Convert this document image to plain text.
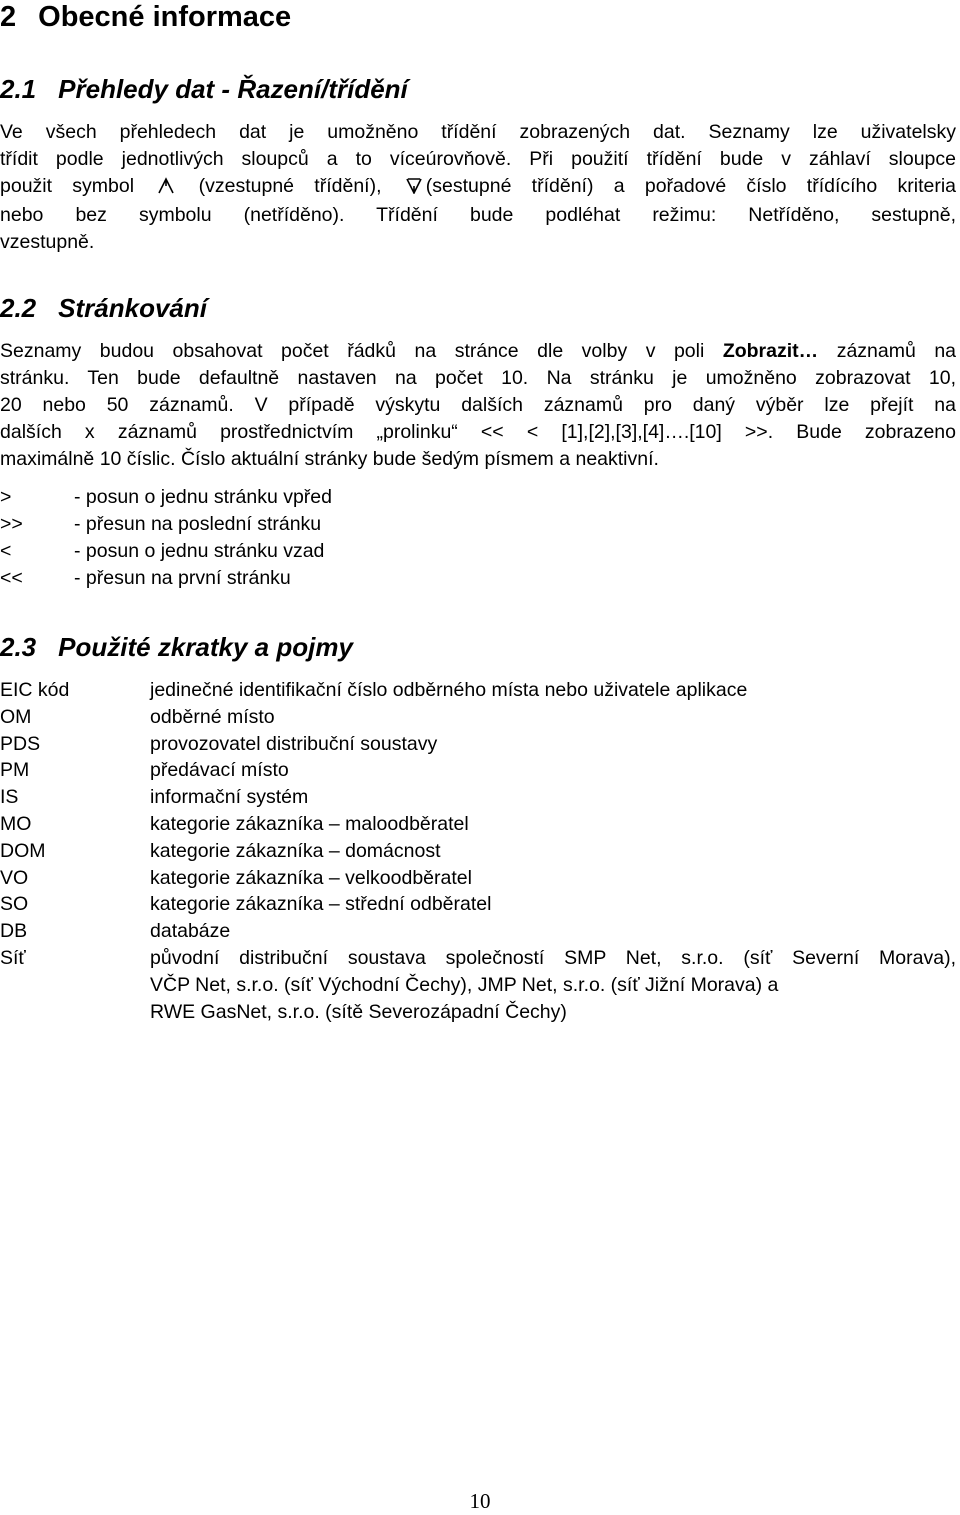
2 Obecné informace
2.1 Přehledy dat - Řazení/třídění
Ve všech přehledech dat je umožněno třídění zobrazených dat. Seznamy lze uživatelsky
třídit podle jednotlivých sloupců a to víceúrovňově. Při použití třídění bude v záhlaví sloupce
použit symbol	(vzestupné třídění), (sestupné třídění) a pořadové číslo třídícího kriteria
nebo bez symbolu (netříděno). Třídění bude podléhat režimu: Netříděno, sestupně,
vzestupně.
2.2 Stránkování
Seznamy budou obsahovat počet řádků na stránce dle volby v poli Zobrazit… záznamů na
stránku. Ten bude defaultně nastaven na počet 10. Na stránku je umožněno zobrazovat 10,
20 nebo 50 záznamů. V případě výskytu dalších záznamů pro daný výběr lze přejít na
dalších x záznamů prostřednictvím „prolinku“ << < [1],[2],[3],[4]….[10] >>. Bude zobrazeno
maximálně 10 číslic. Číslo aktuální stránky bude šedým písmem a neaktivní.
>	- posun o jednu stránku vpřed
>>	- přesun na poslední stránku
<	- posun o jednu stránku vzad
<<	- přesun na první stránku
2.3 Použité zkratky a pojmy
EIC kód	jedinečné identifikační číslo odběrného místa nebo uživatele aplikace
OM	odběrné místo
PDS	provozovatel distribuční soustavy
PM	předávací místo
IS	informační systém
MO	kategorie zákazníka – maloodběratel
DOM	kategorie zákazníka – domácnost
VO	kategorie zákazníka – velkoodběratel
SO	kategorie zákazníka – střední odběratel
DB	databáze
Síť	původní distribuční soustava společností SMP Net, s.r.o. (síť Severní Morava),
VČP Net, s.r.o. (síť Východní Čechy), JMP Net, s.r.o. (síť Jižní Morava) a
RWE GasNet, s.r.o. (sítě Severozápadní Čechy)
10
